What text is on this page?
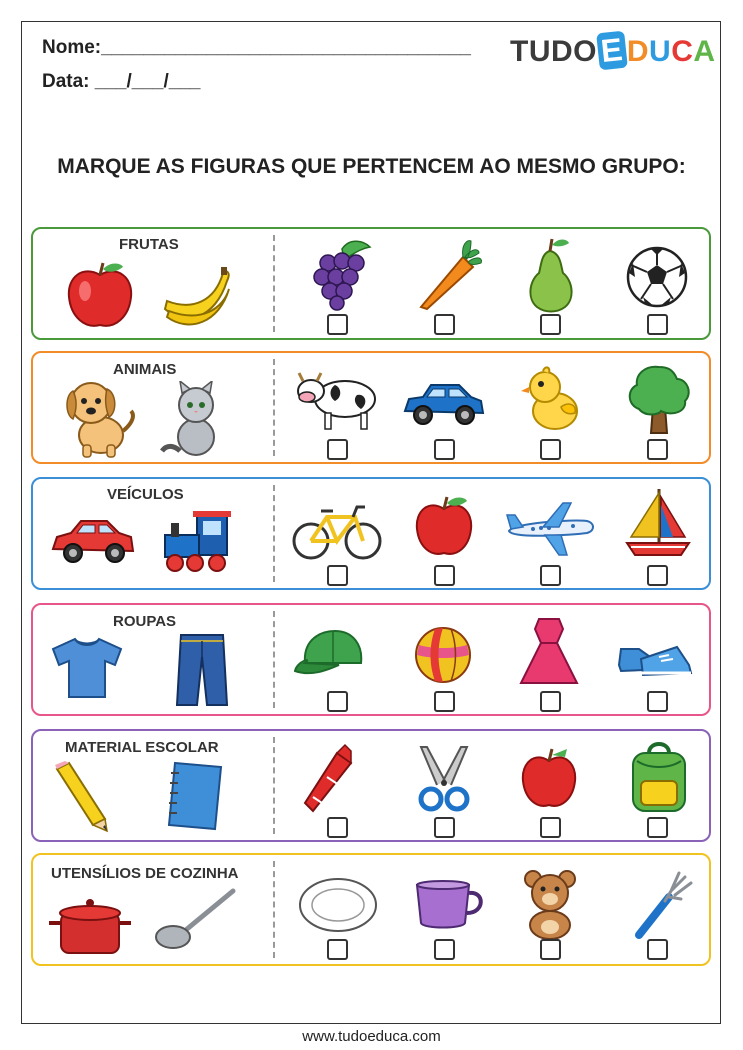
Nome:___________________________________
Data: ___/___/___
TUDOEDUCA
MARQUE AS FIGURAS QUE PERTENCEM AO MESMO GRUPO:
FRUTAS
ANIMAIS
VEÍCULOS
ROUPAS
MATERIAL ESCOLAR
UTENSÍLIOS DE COZINHA
www.tudoeduca.com
